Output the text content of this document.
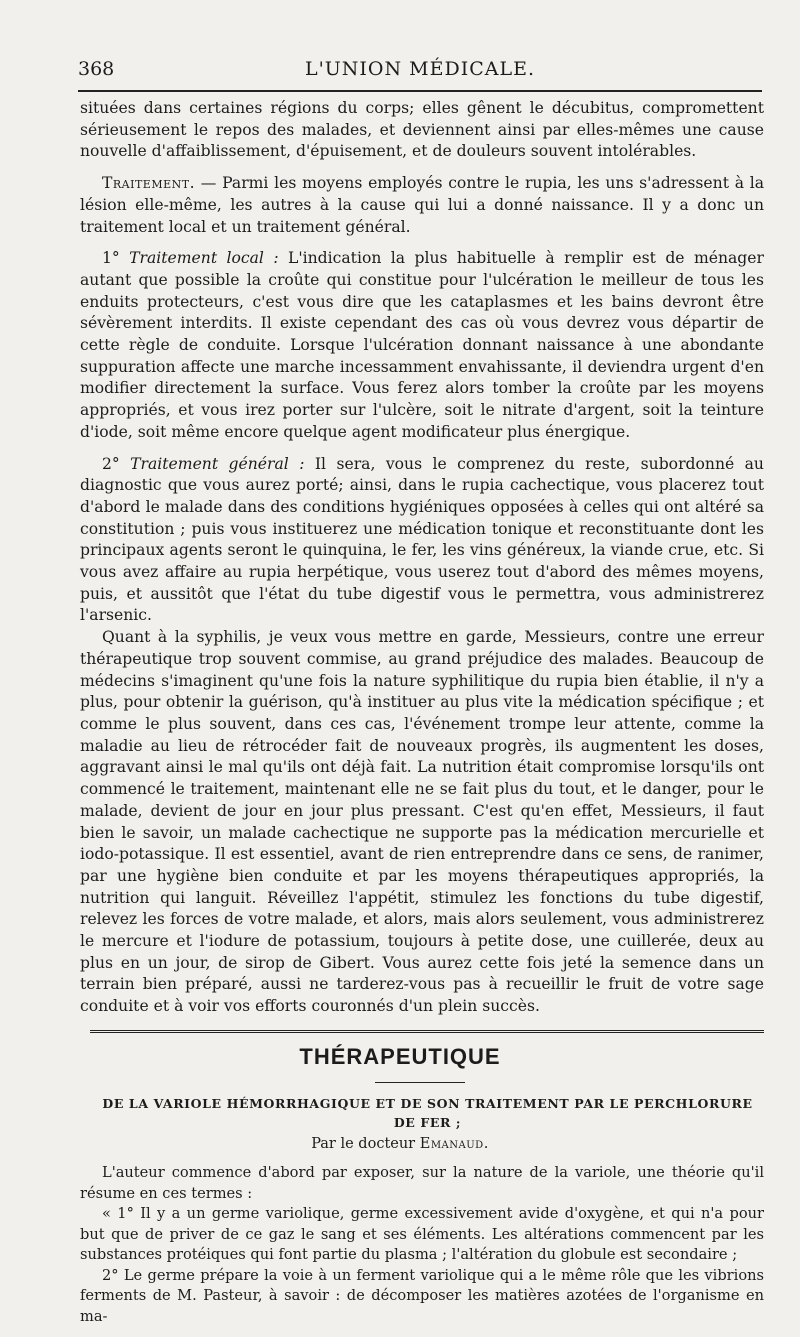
368	L'UNION MÉDICALE.

situées dans certaines régions du corps; elles gênent le décubitus, compromettent sérieusement le repos des malades, et deviennent ainsi par elles-mêmes une cause nouvelle d'affaiblissement, d'épuisement, et de douleurs souvent intolérables.

Traitement. — Parmi les moyens employés contre le rupia, les uns s'adressent à la lésion elle-même, les autres à la cause qui lui a donné naissance. Il y a donc un traitement local et un traitement général.

1° Traitement local : L'indication la plus habituelle à remplir est de ménager autant que possible la croûte qui constitue pour l'ulcération le meilleur de tous les enduits protecteurs, c'est vous dire que les cataplasmes et les bains devront être sévèrement interdits. Il existe cependant des cas où vous devrez vous départir de cette règle de conduite. Lorsque l'ulcération donnant naissance à une abondante suppuration affecte une marche incessamment envahissante, il deviendra urgent d'en modifier directement la surface. Vous ferez alors tomber la croûte par les moyens appropriés, et vous irez porter sur l'ulcère, soit le nitrate d'argent, soit la teinture d'iode, soit même encore quelque agent modificateur plus énergique.

2° Traitement général : Il sera, vous le comprenez du reste, subordonné au diagnostic que vous aurez porté; ainsi, dans le rupia cachectique, vous placerez tout d'abord le malade dans des conditions hygiéniques opposées à celles qui ont altéré sa constitution ; puis vous instituerez une médication tonique et reconstituante dont les principaux agents seront le quinquina, le fer, les vins généreux, la viande crue, etc. Si vous avez affaire au rupia herpétique, vous userez tout d'abord des mêmes moyens, puis, et aussitôt que l'état du tube digestif vous le permettra, vous administrerez l'arsenic.

Quant à la syphilis, je veux vous mettre en garde, Messieurs, contre une erreur thérapeutique trop souvent commise, au grand préjudice des malades. Beaucoup de médecins s'imaginent qu'une fois la nature syphilitique du rupia bien établie, il n'y a plus, pour obtenir la guérison, qu'à instituer au plus vite la médication spécifique ; et comme le plus souvent, dans ces cas, l'événement trompe leur attente, comme la maladie au lieu de rétrocéder fait de nouveaux progrès, ils augmentent les doses, aggravant ainsi le mal qu'ils ont déjà fait. La nutrition était compromise lorsqu'ils ont commencé le traitement, maintenant elle ne se fait plus du tout, et le danger, pour le malade, devient de jour en jour plus pressant. C'est qu'en effet, Messieurs, il faut bien le savoir, un malade cachectique ne supporte pas la médication mercurielle et iodo-potassique. Il est essentiel, avant de rien entreprendre dans ce sens, de ranimer, par une hygiène bien conduite et par les moyens thérapeutiques appropriés, la nutrition qui languit. Réveillez l'appétit, stimulez les fonctions du tube digestif, relevez les forces de votre malade, et alors, mais alors seulement, vous administrerez le mercure et l'iodure de potassium, toujours à petite dose, une cuillerée, deux au plus en un jour, de sirop de Gibert. Vous aurez cette fois jeté la semence dans un terrain bien préparé, aussi ne tarderez-vous pas à recueillir le fruit de votre sage conduite et à voir vos efforts couronnés d'un plein succès.

THÉRAPEUTIQUE
DE LA VARIOLE HÉMORRHAGIQUE ET DE SON TRAITEMENT PAR LE PERCHLORURE DE FER ;
Par le docteur Emanaud.

L'auteur commence d'abord par exposer, sur la nature de la variole, une théorie qu'il résume en ces termes :

« 1° Il y a un germe variolique, germe excessivement avide d'oxygène, et qui n'a pour but que de priver de ce gaz le sang et ses éléments. Les altérations commencent par les substances protéiques qui font partie du plasma ; l'altération du globule est secondaire ;

2° Le germe prépare la voie à un ferment variolique qui a le même rôle que les vibrions ferments de M. Pasteur, à savoir : de décomposer les matières azotées de l'organisme en ma-
